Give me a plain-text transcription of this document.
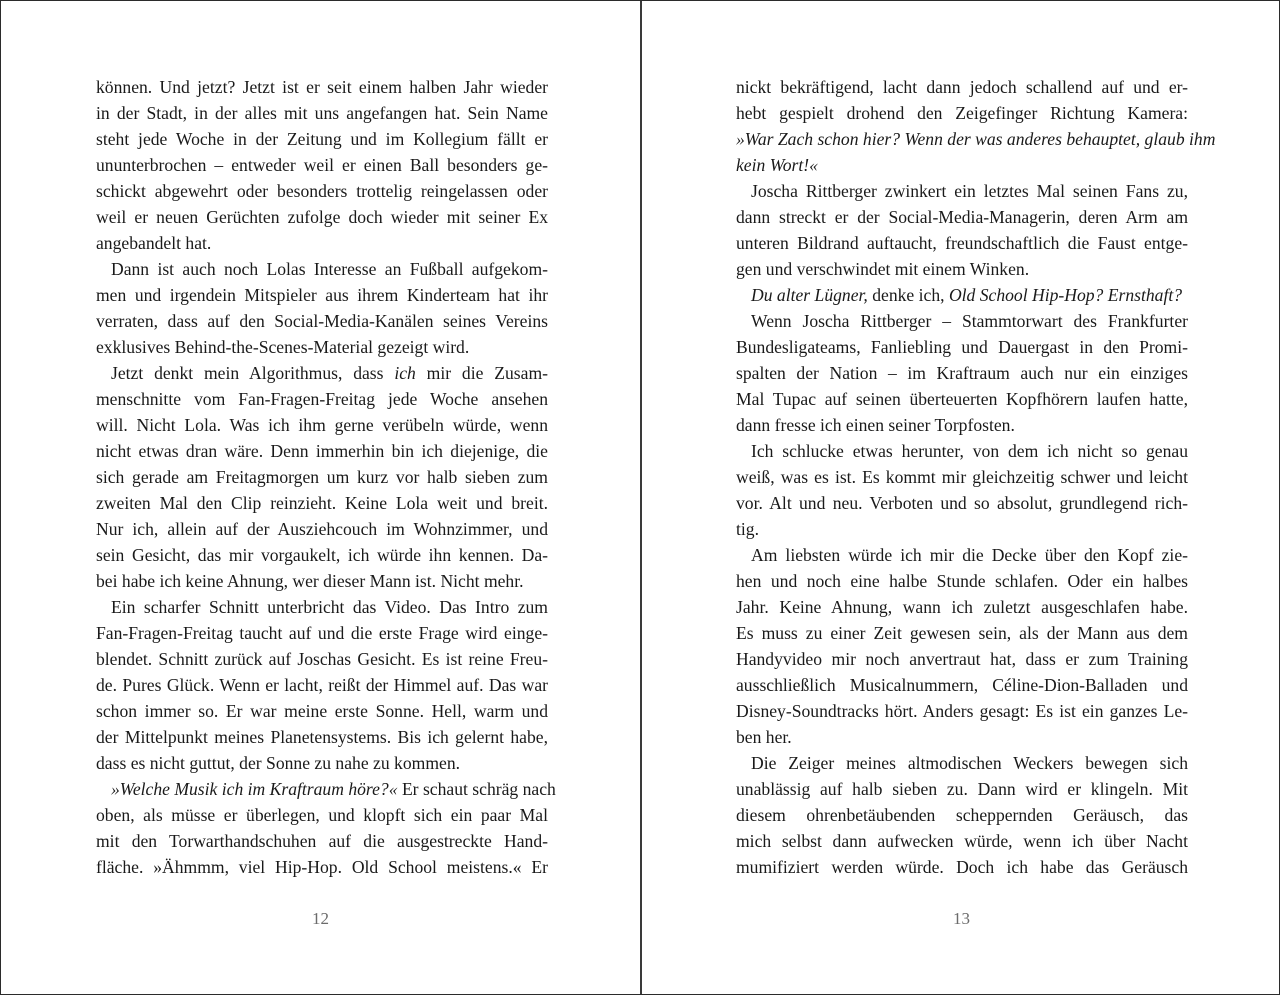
können. Und jetzt? Jetzt ist er seit einem halben Jahr wieder
in der Stadt, in der alles mit uns angefangen hat. Sein Name
steht jede Woche in der Zeitung und im Kollegium fällt er
ununterbrochen – entweder weil er einen Ball besonders ge-
schickt abgewehrt oder besonders trottelig reingelassen oder
weil er neuen Gerüchten zufolge doch wieder mit seiner Ex
angebandelt hat.
Dann ist auch noch Lolas Interesse an Fußball aufgekom-
men und irgendein Mitspieler aus ihrem Kinderteam hat ihr
verraten, dass auf den Social-Media-Kanälen seines Vereins
exklusives Behind-the-Scenes-Material gezeigt wird.
Jetzt denkt mein Algorithmus, dass ich mir die Zusam-
menschnitte vom Fan-Fragen-Freitag jede Woche ansehen
will. Nicht Lola. Was ich ihm gerne verübeln würde, wenn
nicht etwas dran wäre. Denn immerhin bin ich diejenige, die
sich gerade am Freitagmorgen um kurz vor halb sieben zum
zweiten Mal den Clip reinzieht. Keine Lola weit und breit.
Nur ich, allein auf der Ausziehcouch im Wohnzimmer, und
sein Gesicht, das mir vorgaukelt, ich würde ihn kennen. Da-
bei habe ich keine Ahnung, wer dieser Mann ist. Nicht mehr.
Ein scharfer Schnitt unterbricht das Video. Das Intro zum
Fan-Fragen-Freitag taucht auf und die erste Frage wird einge-
blendet. Schnitt zurück auf Joschas Gesicht. Es ist reine Freu-
de. Pures Glück. Wenn er lacht, reißt der Himmel auf. Das war
schon immer so. Er war meine erste Sonne. Hell, warm und
der Mittelpunkt meines Planetensystems. Bis ich gelernt habe,
dass es nicht guttut, der Sonne zu nahe zu kommen.
»Welche Musik ich im Kraftraum höre?« Er schaut schräg nach
oben, als müsse er überlegen, und klopft sich ein paar Mal
mit den Torwarthandschuhen auf die ausgestreckte Hand-
fläche. »Ähmmm, viel Hip-Hop. Old School meistens.« Er
12
nickt bekräftigend, lacht dann jedoch schallend auf und er-
hebt gespielt drohend den Zeigefinger Richtung Kamera:
»War Zach schon hier? Wenn der was anderes behauptet, glaub ihm
kein Wort!«
Joscha Rittberger zwinkert ein letztes Mal seinen Fans zu,
dann streckt er der Social-Media-Managerin, deren Arm am
unteren Bildrand auftaucht, freundschaftlich die Faust entge-
gen und verschwindet mit einem Winken.
Du alter Lügner, denke ich, Old School Hip-Hop? Ernsthaft?
Wenn Joscha Rittberger – Stammtorwart des Frankfurter
Bundesligateams, Fanliebling und Dauergast in den Promi-
spalten der Nation – im Kraftraum auch nur ein einziges
Mal Tupac auf seinen überteuerten Kopfhörern laufen hatte,
dann fresse ich einen seiner Torpfosten.
Ich schlucke etwas herunter, von dem ich nicht so genau
weiß, was es ist. Es kommt mir gleichzeitig schwer und leicht
vor. Alt und neu. Verboten und so absolut, grundlegend rich-
tig.
Am liebsten würde ich mir die Decke über den Kopf zie-
hen und noch eine halbe Stunde schlafen. Oder ein halbes
Jahr. Keine Ahnung, wann ich zuletzt ausgeschlafen habe.
Es muss zu einer Zeit gewesen sein, als der Mann aus dem
Handyvideo mir noch anvertraut hat, dass er zum Training
ausschließlich Musicalnummern, Céline-Dion-Balladen und
Disney-Soundtracks hört. Anders gesagt: Es ist ein ganzes Le-
ben her.
Die Zeiger meines altmodischen Weckers bewegen sich
unablässig auf halb sieben zu. Dann wird er klingeln. Mit
diesem ohrenbetäubenden scheppernden Geräusch, das
mich selbst dann aufwecken würde, wenn ich über Nacht
mumifiziert werden würde. Doch ich habe das Geräusch
13
